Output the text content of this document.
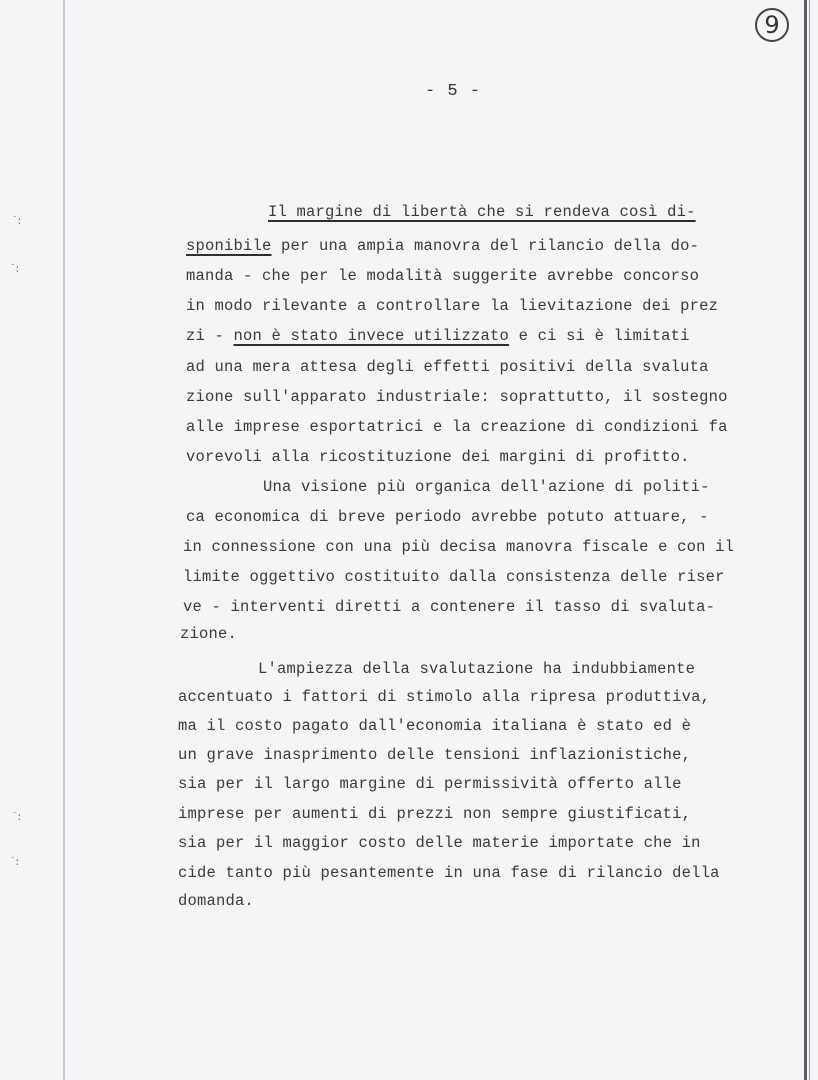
˙:
˙:
˙:
˙:
9
- 5 -
Il margine di libertà che si rendeva così di-
sponibile per una ampia manovra del rilancio della do-
manda - che per le modalità suggerite avrebbe concorso
in modo rilevante a controllare la lievitazione dei prez
zi - non è stato invece utilizzato e ci si è limitati
ad una mera attesa degli effetti positivi della svaluta
zione sull'apparato industriale: soprattutto, il sostegno
alle imprese esportatrici e la creazione di condizioni fa
vorevoli alla ricostituzione dei margini di profitto.
Una visione più organica dell'azione di politi-
ca economica di breve periodo avrebbe potuto attuare, -
in connessione con una più decisa manovra fiscale e con il
limite oggettivo costituito dalla consistenza delle riser
ve - interventi diretti a contenere il tasso di svaluta-
zione.
L'ampiezza della svalutazione ha indubbiamente
accentuato i fattori di stimolo alla ripresa produttiva,
ma il costo pagato dall'economia italiana è stato ed è
un grave inasprimento delle tensioni inflazionistiche,
sia per il largo margine di permissività offerto alle
imprese per aumenti di prezzi non sempre giustificati,
sia per il maggior costo delle materie importate che in
cide tanto più pesantemente in una fase di rilancio della
domanda.
